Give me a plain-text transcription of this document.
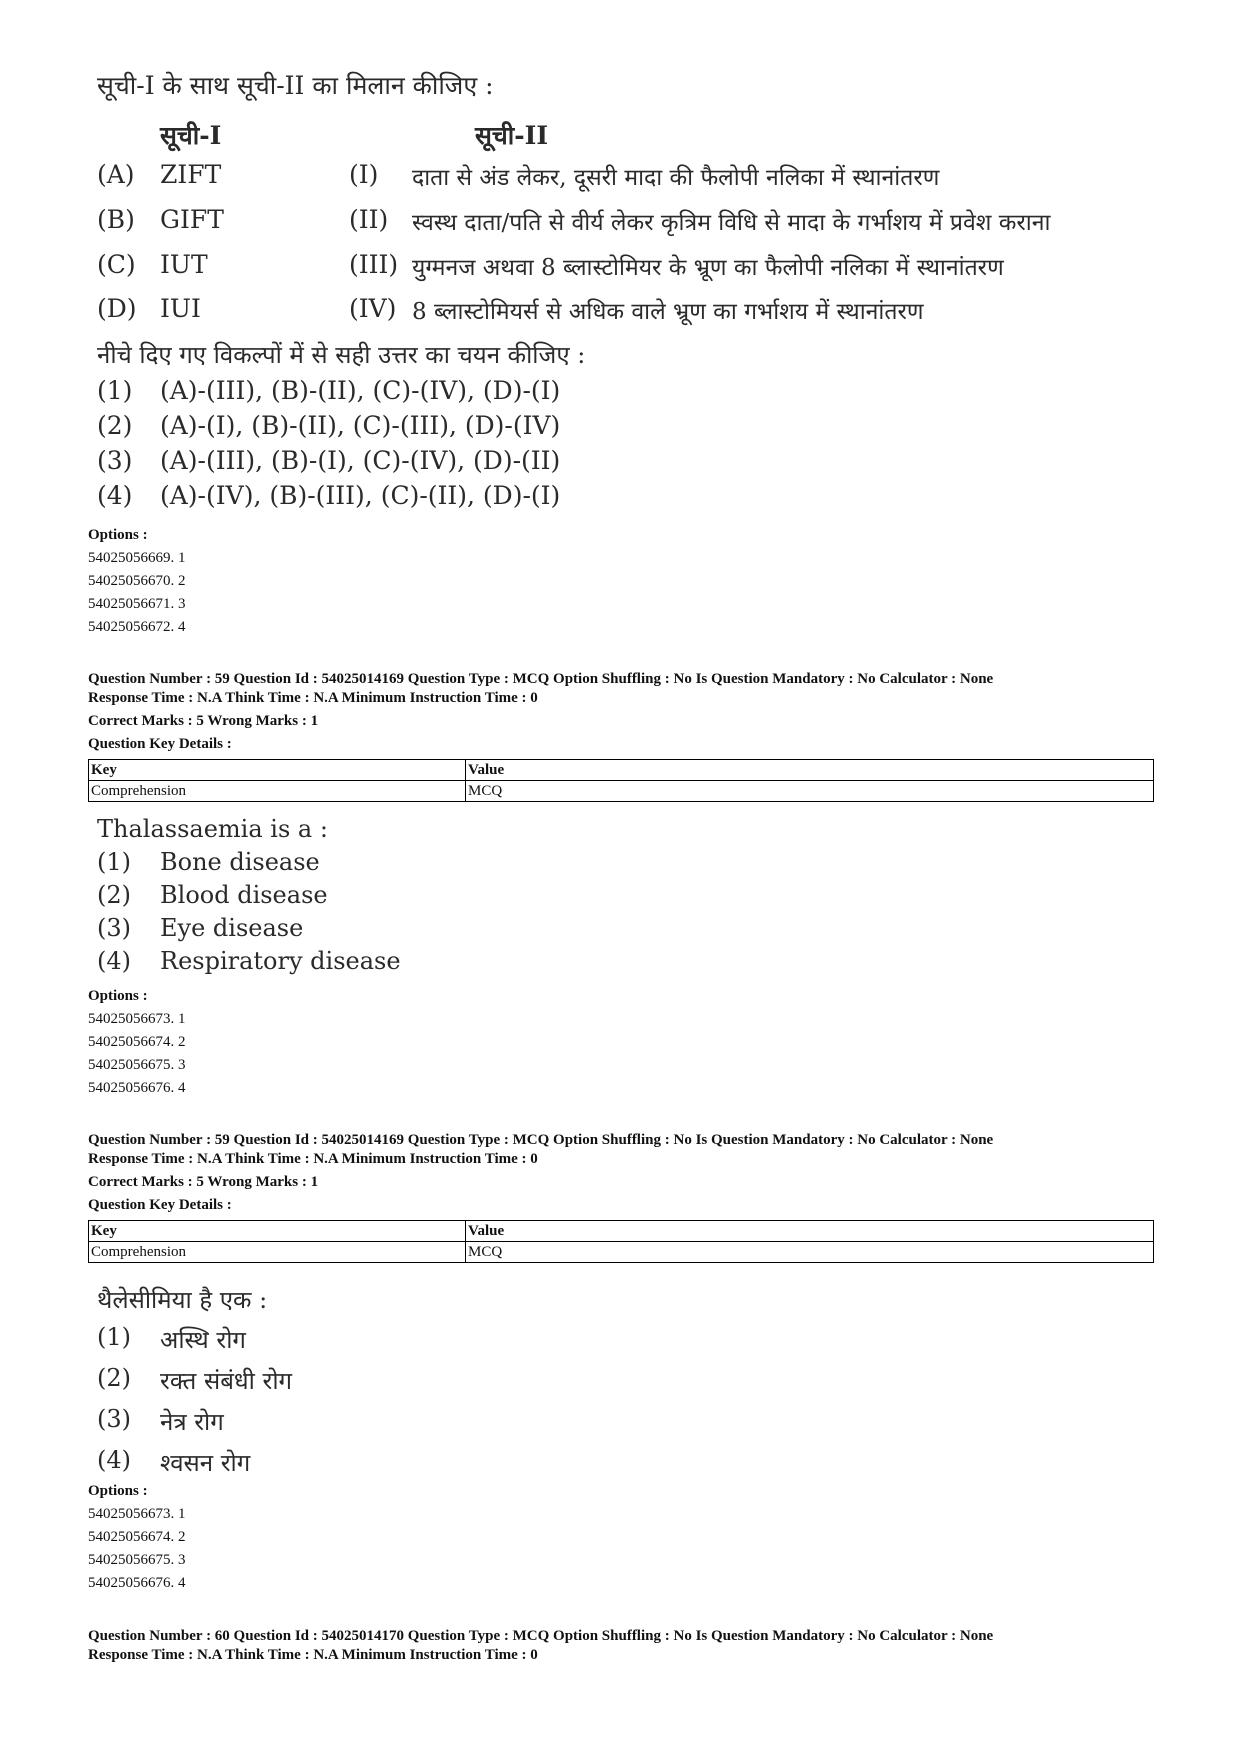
सूची-I के साथ सूची-II का मिलान कीजिए :
सूची-I	सूची-II
(A)	ZIFT	(I)	दाता से अंड लेकर, दूसरी मादा की फैलोपी नलिका में स्थानांतरण
(B)	GIFT	(II)	स्वस्थ दाता/पति से वीर्य लेकर कृत्रिम विधि से मादा के गर्भाशय में प्रवेश कराना
(C) IUT	(III) युग्मनज अथवा 8 ब्लास्टोमियर के भ्रूण का फैलोपी नलिका में स्थानांतरण
(D) IUI	(IV) 8 ब्लास्टोमियर्स से अधिक वाले भ्रूण का गर्भाशय में स्थानांतरण
नीचे दिए गए विकल्पों में से सही उत्तर का चयन कीजिए :
(1)	(A)-(III), (B)-(II), (C)-(IV), (D)-(I)
(2)	(A)-(I), (B)-(II), (C)-(III), (D)-(IV)
(3)	(A)-(III), (B)-(I), (C)-(IV), (D)-(II)
(4)	(A)-(IV), (B)-(III), (C)-(II), (D)-(I)
Options :
54025056669. 1
54025056670. 2
54025056671. 3
54025056672. 4
Question Number : 59 Question Id : 54025014169 Question Type : MCQ Option Shuffling : No Is Question Mandatory : No Calculator : None
Response Time : N.A Think Time : N.A Minimum Instruction Time : 0
Correct Marks : 5 Wrong Marks : 1
Question Key Details :
Key	Value
Comprehension	MCQ
Thalassaemia is a :
(1)	Bone disease
(2)	Blood disease
(3)	Eye disease
(4)	Respiratory disease
Options :
54025056673. 1
54025056674. 2
54025056675. 3
54025056676. 4
Question Number : 59 Question Id : 54025014169 Question Type : MCQ Option Shuffling : No Is Question Mandatory : No Calculator : None
Response Time : N.A Think Time : N.A Minimum Instruction Time : 0
Correct Marks : 5 Wrong Marks : 1
Question Key Details :
Key	Value
Comprehension	MCQ
थैलेसीमिया है एक :
(1)	अस्थि रोग
(2)	रक्त संबंधी रोग
(3)	नेत्र रोग
(4)	श्वसन रोग
Options :
54025056673. 1
54025056674. 2
54025056675. 3
54025056676. 4
Question Number : 60 Question Id : 54025014170 Question Type : MCQ Option Shuffling : No Is Question Mandatory : No Calculator : None
Response Time : N.A Think Time : N.A Minimum Instruction Time : 0
